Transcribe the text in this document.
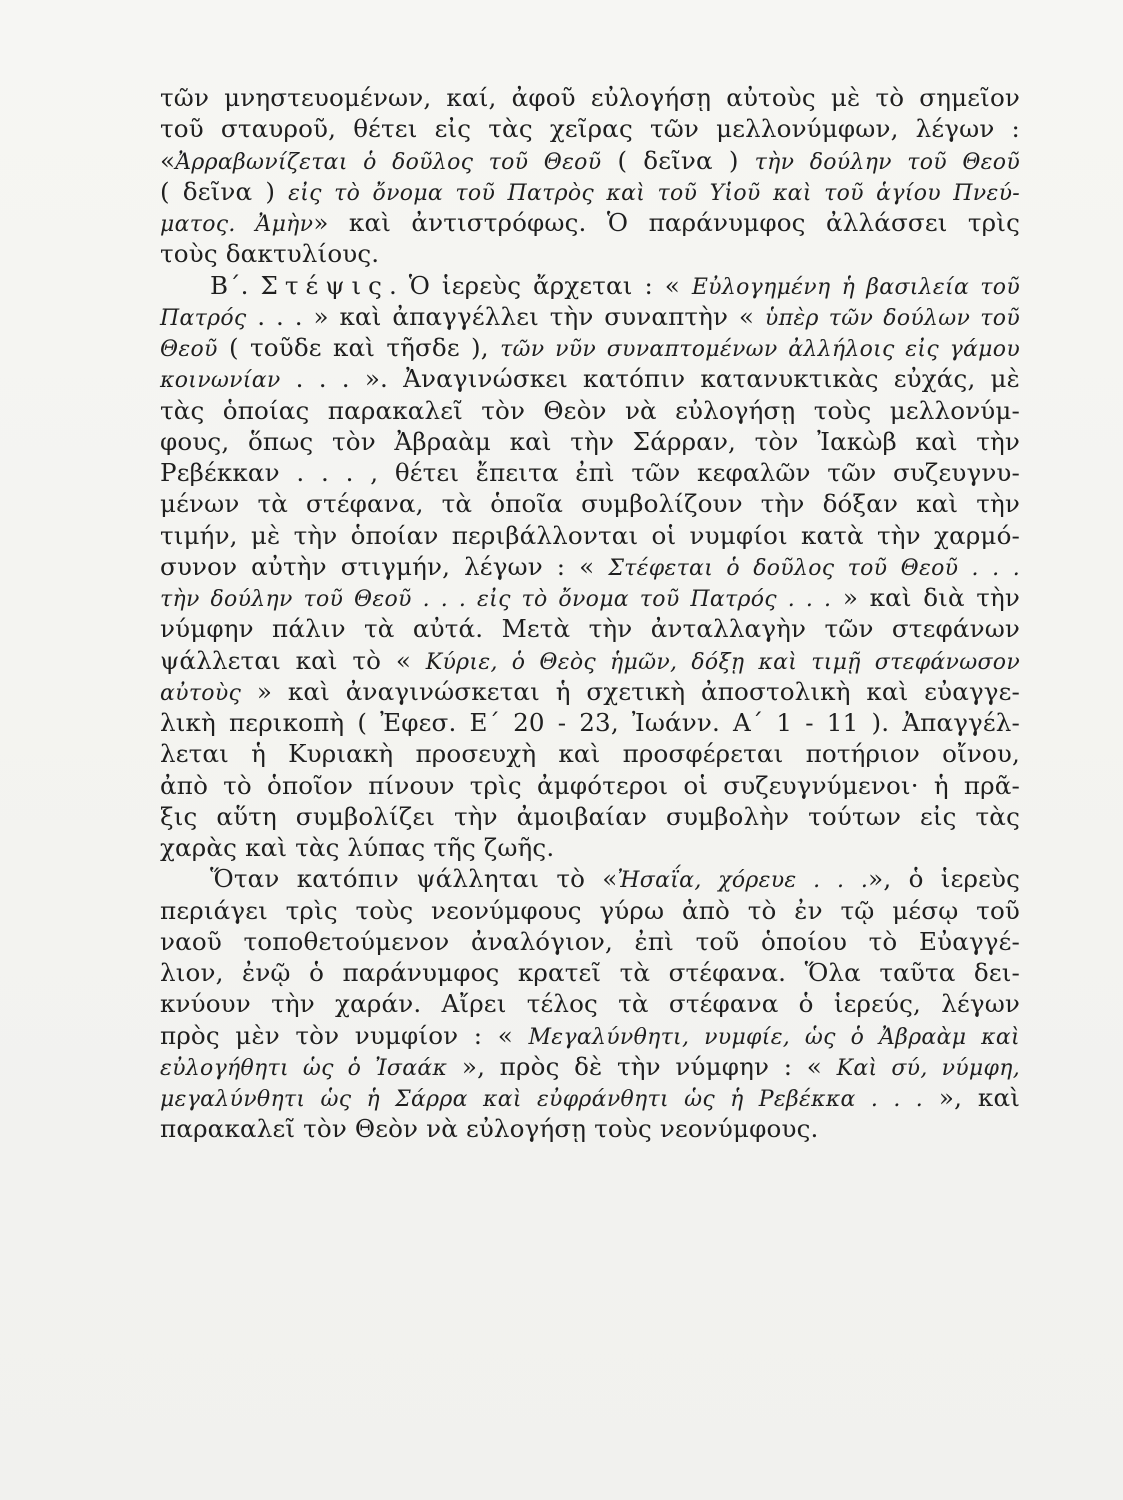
τῶν μνηστευομένων, καί, ἀφοῦ εὐλογήσῃ αὐτοὺς μὲ τὸ σημεῖον
τοῦ σταυροῦ, θέτει εἰς τὰς χεῖρας τῶν μελλονύμφων, λέγων :
«Ἀρραβωνίζεται ὁ δοῦλος τοῦ Θεοῦ ( δεῖνα ) τὴν δούλην τοῦ Θεοῦ
( δεῖνα ) εἰς τὸ ὄνομα τοῦ Πατρὸς καὶ τοῦ Υἱοῦ καὶ τοῦ ἁγίου Πνεύ-
ματος. Ἀμὴν» καὶ ἀντιστρόφως. Ὁ παράνυμφος ἀλλάσσει τρὶς
τοὺς δακτυλίους.
Β΄. Στέψις. Ὁ ἱερεὺς ἄρχεται : « Εὐλογημένη ἡ βασιλεία τοῦ
Πατρός . . . » καὶ ἀπαγγέλλει τὴν συναπτὴν « ὑπὲρ τῶν δούλων τοῦ
Θεοῦ ( τοῦδε καὶ τῆσδε ), τῶν νῦν συναπτομένων ἀλλήλοις εἰς γάμου
κοινωνίαν . . . ». Ἀναγινώσκει κατόπιν κατανυκτικὰς εὐχάς, μὲ
τὰς ὁποίας παρακαλεῖ τὸν Θεὸν νὰ εὐλογήσῃ τοὺς μελλονύμ-
φους, ὅπως τὸν Ἀβραὰμ καὶ τὴν Σάρραν, τὸν Ἰακὼβ καὶ τὴν
Ρεβέκκαν . . . , θέτει ἔπειτα ἐπὶ τῶν κεφαλῶν τῶν συζευγνυ-
μένων τὰ στέφανα, τὰ ὁποῖα συμβολίζουν τὴν δόξαν καὶ τὴν
τιμήν, μὲ τὴν ὁποίαν περιβάλλονται οἱ νυμφίοι κατὰ τὴν χαρμό-
συνον αὐτὴν στιγμήν, λέγων : « Στέφεται ὁ δοῦλος τοῦ Θεοῦ . . .
τὴν δούλην τοῦ Θεοῦ . . . εἰς τὸ ὄνομα τοῦ Πατρός . . . » καὶ διὰ τὴν
νύμφην πάλιν τὰ αὐτά. Μετὰ τὴν ἀνταλλαγὴν τῶν στεφάνων
ψάλλεται καὶ τὸ « Κύριε, ὁ Θεὸς ἡμῶν, δόξῃ καὶ τιμῇ στεφάνωσον
αὐτοὺς » καὶ ἀναγινώσκεται ἡ σχετικὴ ἀποστολικὴ καὶ εὐαγγε-
λικὴ περικοπὴ ( Ἐφεσ. Ε΄ 20 - 23, Ἰωάνν. Α΄ 1 - 11 ). Ἀπαγγέλ-
λεται ἡ Κυριακὴ προσευχὴ καὶ προσφέρεται ποτήριον οἴνου,
ἀπὸ τὸ ὁποῖον πίνουν τρὶς ἀμφότεροι οἱ συζευγνύμενοι· ἡ πρᾶ-
ξις αὕτη συμβολίζει τὴν ἀμοιβαίαν συμβολὴν τούτων εἰς τὰς
χαρὰς καὶ τὰς λύπας τῆς ζωῆς.
Ὅταν κατόπιν ψάλληται τὸ «Ἠσαΐα, χόρευε . . .», ὁ ἱερεὺς
περιάγει τρὶς τοὺς νεονύμφους γύρω ἀπὸ τὸ ἐν τῷ μέσῳ τοῦ
ναοῦ τοποθετούμενον ἀναλόγιον, ἐπὶ τοῦ ὁποίου τὸ Εὐαγγέ-
λιον, ἐνῷ ὁ παράνυμφος κρατεῖ τὰ στέφανα. Ὅλα ταῦτα δει-
κνύουν τὴν χαράν. Αἴρει τέλος τὰ στέφανα ὁ ἱερεύς, λέγων
πρὸς μὲν τὸν νυμφίον : « Μεγαλύνθητι, νυμφίε, ὡς ὁ Ἀβραὰμ καὶ
εὐλογήθητι ὡς ὁ Ἰσαάκ », πρὸς δὲ τὴν νύμφην : « Καὶ σύ, νύμφη,
μεγαλύνθητι ὡς ἡ Σάρρα καὶ εὐφράνθητι ὡς ἡ Ρεβέκκα . . . », καὶ
παρακαλεῖ τὸν Θεὸν νὰ εὐλογήσῃ τοὺς νεονύμφους.
